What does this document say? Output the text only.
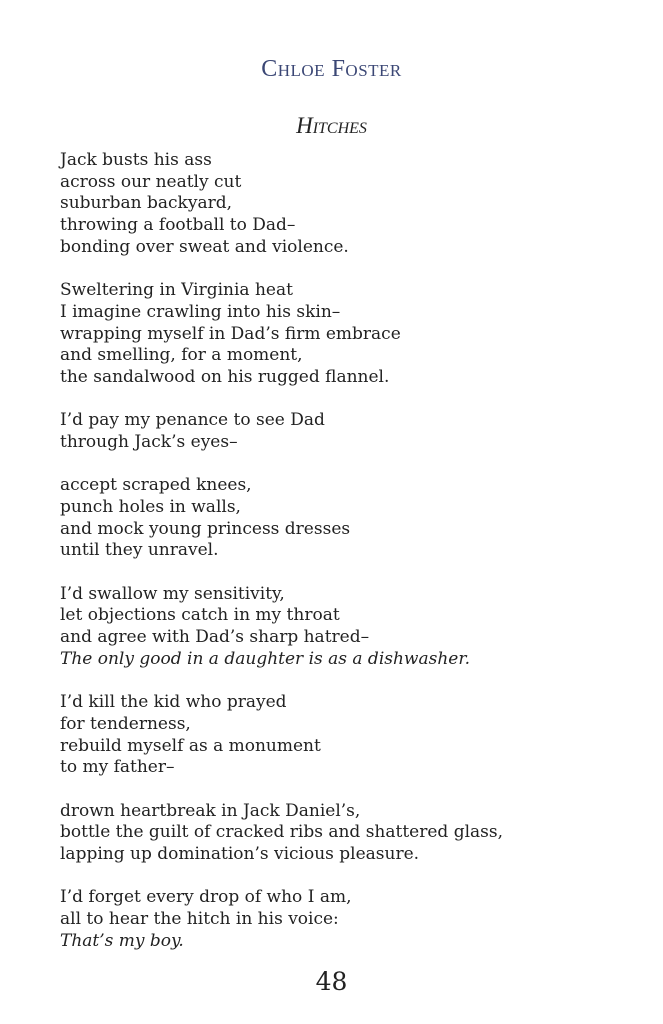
Chloe Foster
Hitches
Jack busts his ass
across our neatly cut
suburban backyard,
throwing a football to Dad–
bonding over sweat and violence.
Sweltering in Virginia heat
I imagine crawling into his skin–
wrapping myself in Dad’s firm embrace
and smelling, for a moment,
the sandalwood on his rugged flannel.
I’d pay my penance to see Dad
through Jack’s eyes–
accept scraped knees,
punch holes in walls,
and mock young princess dresses
until they unravel.
I’d swallow my sensitivity,
let objections catch in my throat
and agree with Dad’s sharp hatred–
The only good in a daughter is as a dishwasher.
I’d kill the kid who prayed
for tenderness,
rebuild myself as a monument
to my father–
drown heartbreak in Jack Daniel’s,
bottle the guilt of cracked ribs and shattered glass,
lapping up domination’s vicious pleasure.
I’d forget every drop of who I am,
all to hear the hitch in his voice:
That’s my boy.
48
